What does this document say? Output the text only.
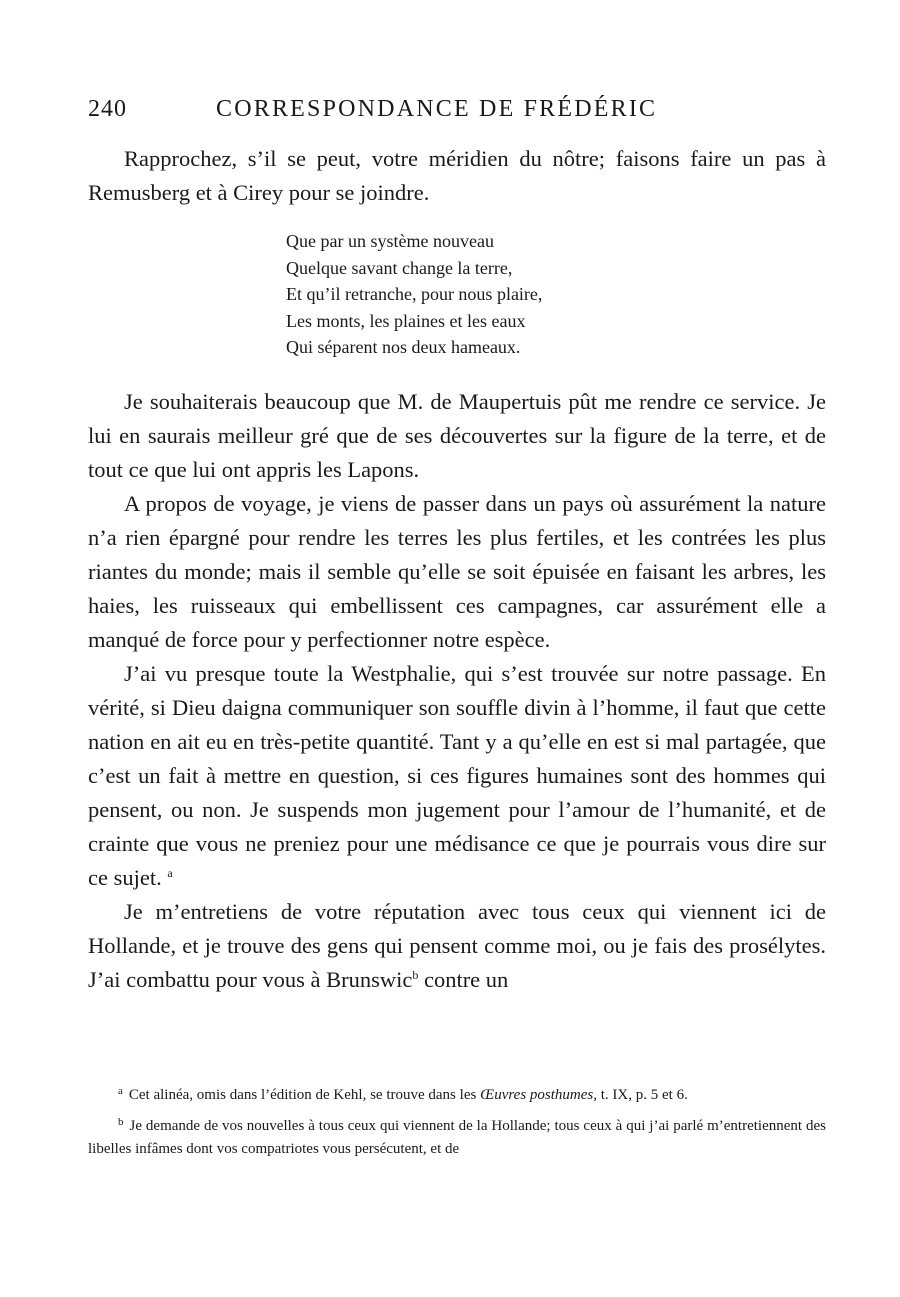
240	CORRESPONDANCE DE FRÉDÉRIC

Rapprochez, s’il se peut, votre méridien du nôtre; faisons faire un pas à Remusberg et à Cirey pour se joindre.

Que par un système nouveau
Quelque savant change la terre,
Et qu’il retranche, pour nous plaire,
Les monts, les plaines et les eaux
Qui séparent nos deux hameaux.

Je souhaiterais beaucoup que M. de Maupertuis pût me rendre ce service. Je lui en saurais meilleur gré que de ses découvertes sur la figure de la terre, et de tout ce que lui ont appris les Lapons.

A propos de voyage, je viens de passer dans un pays où assurément la nature n’a rien épargné pour rendre les terres les plus fertiles, et les contrées les plus riantes du monde; mais il semble qu’elle se soit épuisée en faisant les arbres, les haies, les ruisseaux qui embellissent ces campagnes, car assurément elle a manqué de force pour y perfectionner notre espèce.

J’ai vu presque toute la Westphalie, qui s’est trouvée sur notre passage. En vérité, si Dieu daigna communiquer son souffle divin à l’homme, il faut que cette nation en ait eu en très-petite quantité. Tant y a qu’elle en est si mal partagée, que c’est un fait à mettre en question, si ces figures humaines sont des hommes qui pensent, ou non. Je suspends mon jugement pour l’amour de l’humanité, et de crainte que vous ne preniez pour une médisance ce que je pourrais vous dire sur ce sujet. $^a$

Je m’entretiens de votre réputation avec tous ceux qui viennent ici de Hollande, et je trouve des gens qui pensent comme moi, ou je fais des prosélytes. J’ai combattu pour vous à Brunswic$^b$ contre un

$^a$ Cet alinéa, omis dans l’édition de Kehl, se trouve dans les Œuvres posthumes, t. IX, p. 5 et 6.

$^b$ Je demande de vos nouvelles à tous ceux qui viennent de la Hollande; tous ceux à qui j’ai parlé m’entretiennent des libelles infâmes dont vos compatriotes vous persécutent, et de
